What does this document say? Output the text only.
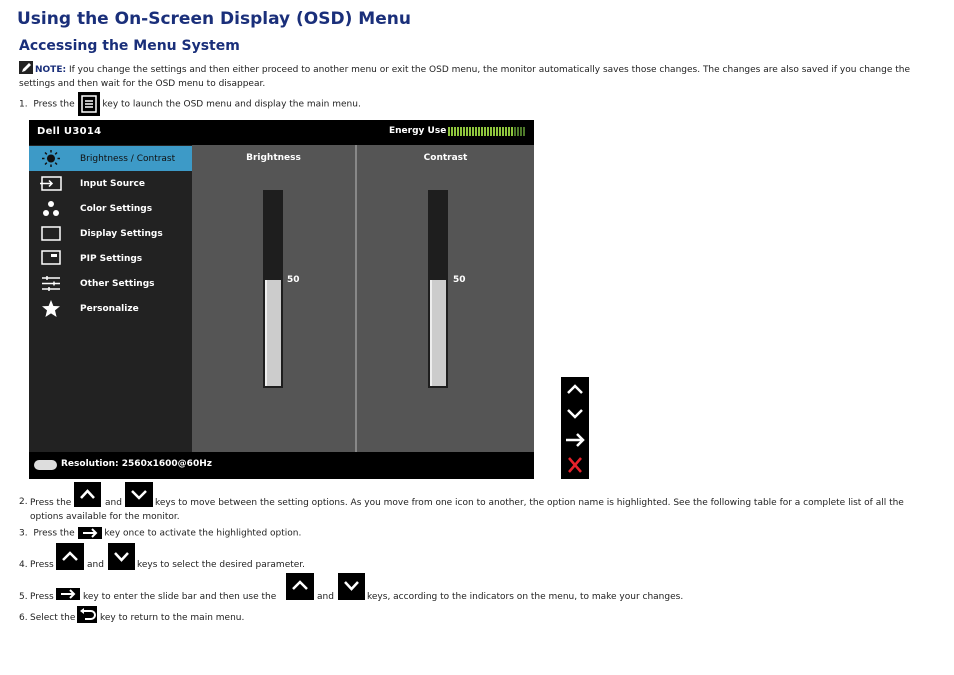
Using the On-Screen Display (OSD) Menu
Accessing the Menu System
NOTE: If you change the settings and then either proceed to another menu or exit the OSD menu, the monitor automatically saves those changes. The changes are also saved if you change the settings and then wait for the OSD menu to disappear.
1. Press the	key to launch the OSD menu and display the main menu.
Dell U3014	Energy Use
Brightness / Contrast
Input Source
Color Settings
Display Settings
PIP Settings
Other Settings
Personalize
Brightness
50
Contrast
50
Resolution: 2560x1600@60Hz
2. Press the	and	keys to move between the setting options. As you move from one icon to another, the option name is highlighted. See the following table for a complete list of all the
options available for the monitor.
3. Press the	key once to activate the highlighted option.
4. Press	and	keys to select the desired parameter.
5. Press	key to enter the slide bar and then use the	and	keys, according to the indicators on the menu, to make your changes.
6. Select the	key to return to the main menu.
